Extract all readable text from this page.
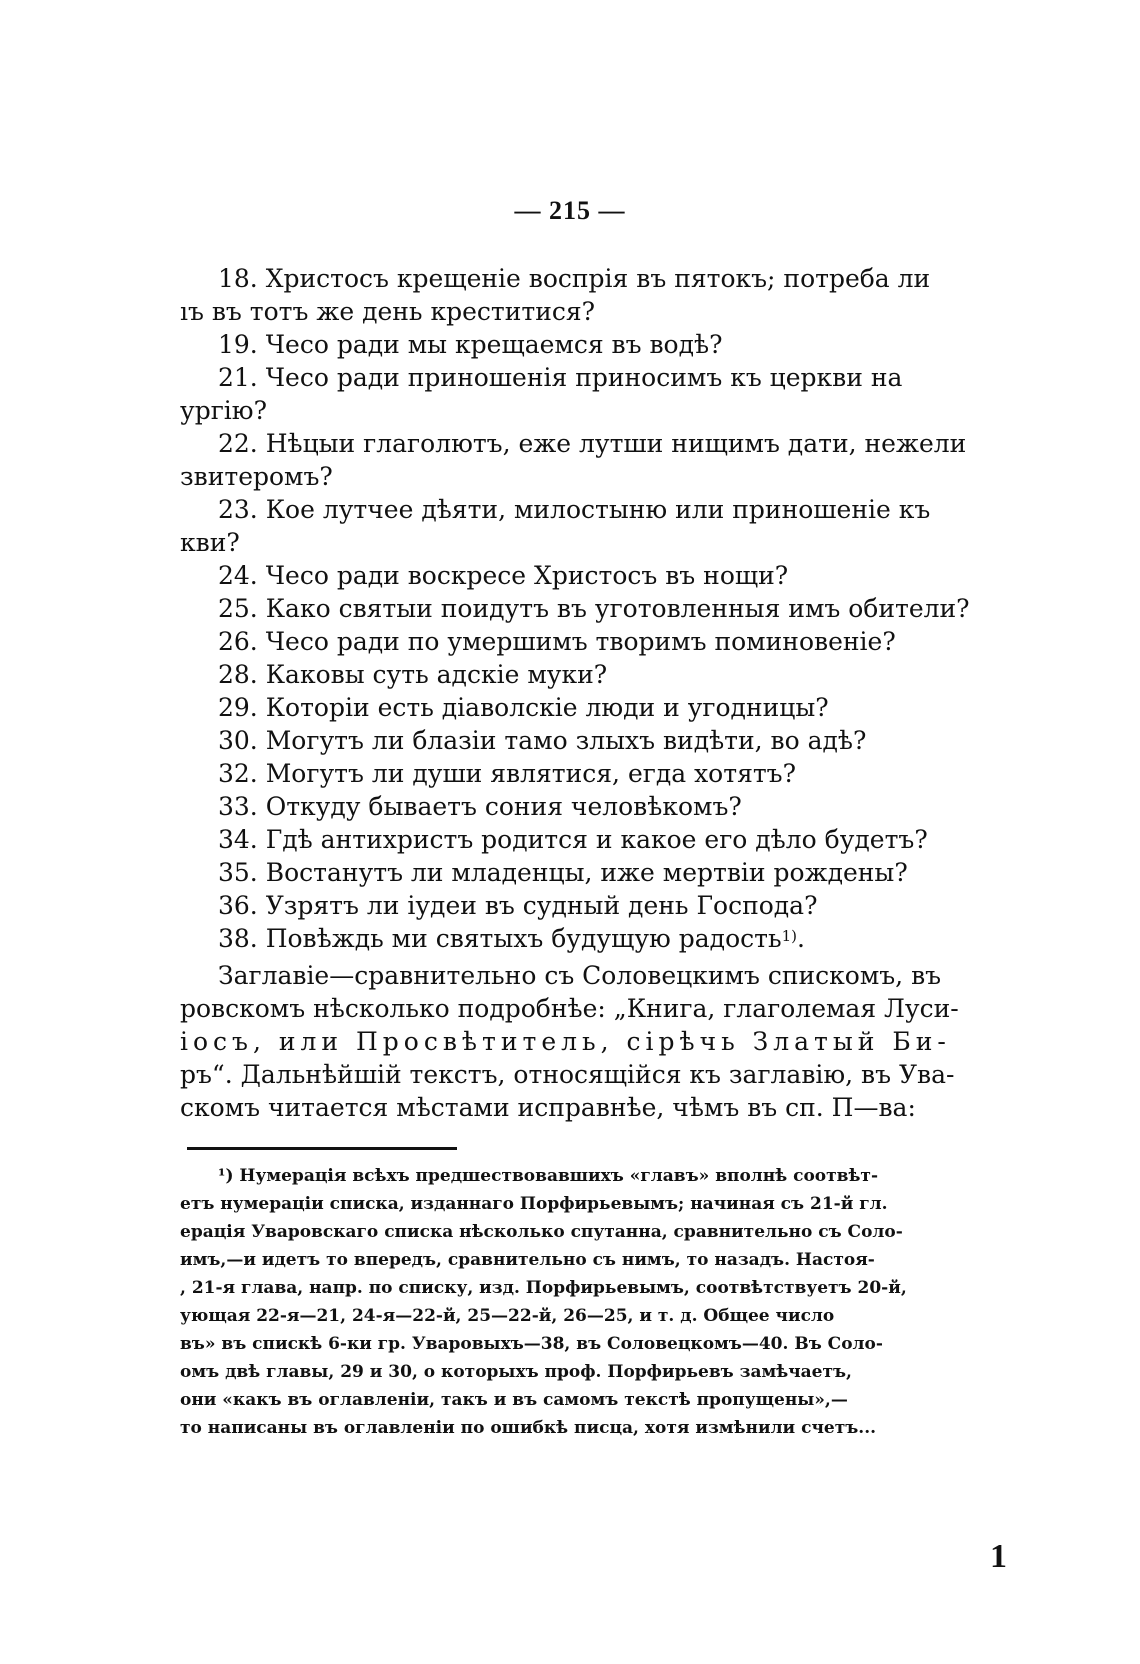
— 215 —
18. Христосъ крещеніе воспрія въ пятокъ; потреба ли
ıъ въ тотъ же день креститися?
19. Чесо ради мы крещаемся въ водѣ?
21. Чесо ради приношенія приносимъ къ церкви на
ургію?
22. Нѣцыи глаголютъ, еже лутши нищимъ дати, нежели
звитеромъ?
23. Кое лутчее дѣяти, милостыню или приношеніе къ
кви?
24. Чесо ради воскресе Христосъ въ нощи?
25. Како святыи поидутъ въ уготовленныя имъ обители?
26. Чесо ради по умершимъ творимъ поминовеніе?
28. Каковы суть адскіе муки?
29. Которіи есть діаволскіе люди и угодницы?
30. Могутъ ли блазіи тамо злыхъ видѣти, во адѣ?
32. Могутъ ли души являтися, егда хотятъ?
33. Откуду бываетъ сония человѣкомъ?
34. Гдѣ антихристъ родится и какое его дѣло будетъ?
35. Востанутъ ли младенцы, иже мертвіи рождены?
36. Узрятъ ли іудеи въ судный день Господа?
38. Повѣждь ми святыхъ будущую радость$^{1)}$.
Заглавіе—сравнительно съ Соловецкимъ спискомъ, въ
ровскомъ нѣсколько подробнѣе: „Книга, глаголемая Луси-
іосъ, или Просвѣтитель, сірѣчь Златый Би-
ръ“. Дальнѣйшій текстъ, относящійся къ заглавію, въ Ува-
скомъ читается мѣстами исправнѣе, чѣмъ въ сп. П—ва:
¹) Нумерація всѣхъ предшествовавшихъ «главъ» вполнѣ соотвѣт-
етъ нумераціи списка, изданнаго Порфирьевымъ; начиная съ 21-й гл.
ерація Уваровскаго списка нѣсколько спутанна, сравнительно съ Соло-
имъ,—и идетъ то впередъ, сравнительно съ нимъ, то назадъ. Настоя-
, 21-я глава, напр. по списку, изд. Порфирьевымъ, соотвѣтствуетъ 20-й,
ующая 22-я—21, 24-я—22-й, 25—22-й, 26—25, и т. д. Общее число
въ» въ спискѣ 6-ки гр. Уваровыхъ—38, въ Соловецкомъ—40. Въ Соло-
омъ двѣ главы, 29 и 30, о которыхъ проф. Порфирьевъ замѣчаетъ,
они «какъ въ оглавленіи, такъ и въ самомъ текстѣ пропущены»,—
то написаны въ оглавленіи по ошибкѣ писца, хотя измѣнили счетъ...
1
